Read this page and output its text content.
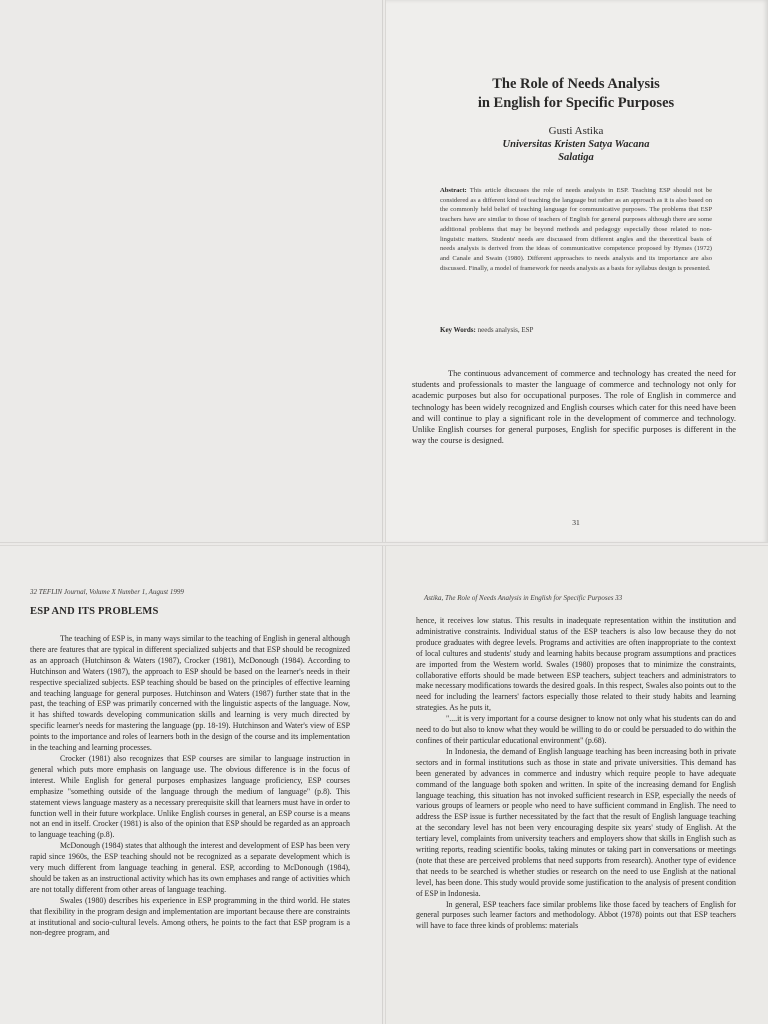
The Role of Needs Analysis
in English for Specific Purposes
Gusti Astika
Universitas Kristen Satya Wacana
Salatiga
Abstract: This article discusses the role of needs analysis in ESP. Teaching ESP should not be considered as a different kind of teaching the language but rather as an approach as it is also based on the commonly held belief of teaching language for communicative purposes. The problems that ESP teachers have are similar to those of teachers of English for general purposes although there are some additional problems that may be beyond methods and pedagogy especially those related to non-linguistic matters. Students' needs are discussed from different angles and the theoretical basis of needs analysis is derived from the ideas of communicative competence proposed by Hymes (1972) and Canale and Swain (1980). Different approaches to needs analysis and its importance are also discussed. Finally, a model of framework for needs analysis as a basis for syllabus design is presented.
Key Words: needs analysis, ESP
The continuous advancement of commerce and technology has created the need for students and professionals to master the language of commerce and technology not only for academic purposes but also for occupational purposes. The role of English in commerce and technology has been widely recognized and English courses which cater for this need have been and will continue to play a significant role in the development of commerce and technology. Unlike English courses for general purposes, English for specific purposes is different in the way the course is designed.
31
32 TEFLIN Journal, Volume X Number 1, August 1999
ESP AND ITS PROBLEMS

The teaching of ESP is, in many ways similar to the teaching of English in general although there are features that are typical in different specialized subjects and that ESP should be recognized as an approach (Hutchinson & Waters (1987), Crocker (1981), McDonough (1984). According to Hutchinson and Waters (1987), the approach to ESP should be based on the learner's needs in their respective specialized subjects. ESP teaching should be based on the principles of effective learning and teaching language for general purposes. Hutchinson and Waters (1987) further state that in the past, the teaching of ESP was primarily concerned with the linguistic aspects of the language. Now, it has shifted towards developing communication skills and learning is very much directed by specific learner's needs for mastering the language (pp. 18-19). Hutchinson and Water's view of ESP points to the importance and roles of learners both in the design of the course and its implementation in the teaching and learning processes.

Crocker (1981) also recognizes that ESP courses are similar to language instruction in general which puts more emphasis on language use. The obvious difference is in the focus of interest. While English for general purposes emphasizes language proficiency, ESP courses emphasize "something outside of the language through the medium of language" (p.8). This statement views language mastery as a necessary prerequisite skill that learners must have in order to function well in their future workplace. Unlike English courses in general, an ESP course is a means not an end in itself. Crocker (1981) is also of the opinion that ESP should be regarded as an approach to language teaching (p.8).

McDonough (1984) states that although the interest and development of ESP has been very rapid since 1960s, the ESP teaching should not be recognized as a separate development which is very much different from language teaching in general. ESP, according to McDonough (1984), should be taken as an instructional activity which has its own emphases and range of activities which are not totally different from other areas of language teaching.

Swales (1980) describes his experience in ESP programming in the third world. He states that flexibility in the program design and implementation are important because there are constraints at institutional and socio-cultural levels. Among others, he points to the fact that ESP program is a non-degree program, and

Astika, The Role of Needs Analysis in English for Specific Purposes 33

hence, it receives low status. This results in inadequate representation within the institution and administrative constraints. Individual status of the ESP teachers is also low because they do not produce graduates with degree levels. Programs and activities are often inappropriate to the context of local cultures and students' study and learning habits because program assumptions and practices are imported from the Western world. Swales (1980) proposes that to minimize the constraints, collaborative efforts should be made between ESP teachers, subject teachers and administrators to make necessary modifications towards the desired goals. In this respect, Swales also points out to the need for including the learners' factors especially those related to their study habits and learning strategies. As he puts it,

"....it is very important for a course designer to know not only what his students can do and need to do but also to know what they would be willing to do or could be persuaded to do within the confines of their particular educational environment" (p.68).

In Indonesia, the demand of English language teaching has been increasing both in private sectors and in formal institutions such as those in state and private universities. This demand has been generated by advances in commerce and industry which require people to have adequate command of the language both spoken and written. In spite of the increasing demand for English language teaching, this situation has not invoked sufficient research in ESP, especially the needs of various groups of learners or people who need to have sufficient command in English. The need to address the ESP issue is further necessitated by the fact that the result of English language teaching at the secondary level has not been very encouraging despite six years' study of English. At the tertiary level, complaints from university teachers and employers show that skills in English such as writing reports, reading scientific books, taking minutes or taking part in conversations or meetings (note that these are perceived problems that need supports from research). Another type of evidence that needs to be searched is whether studies or research on the need to use English at the national level, has been done. This study would provide some justification to the analysis of present condition of ESP in Indonesia.

In general, ESP teachers face similar problems like those faced by teachers of English for general purposes such learner factors and methodology. Abbot (1978) points out that ESP teachers will have to face three kinds of problems: materials
